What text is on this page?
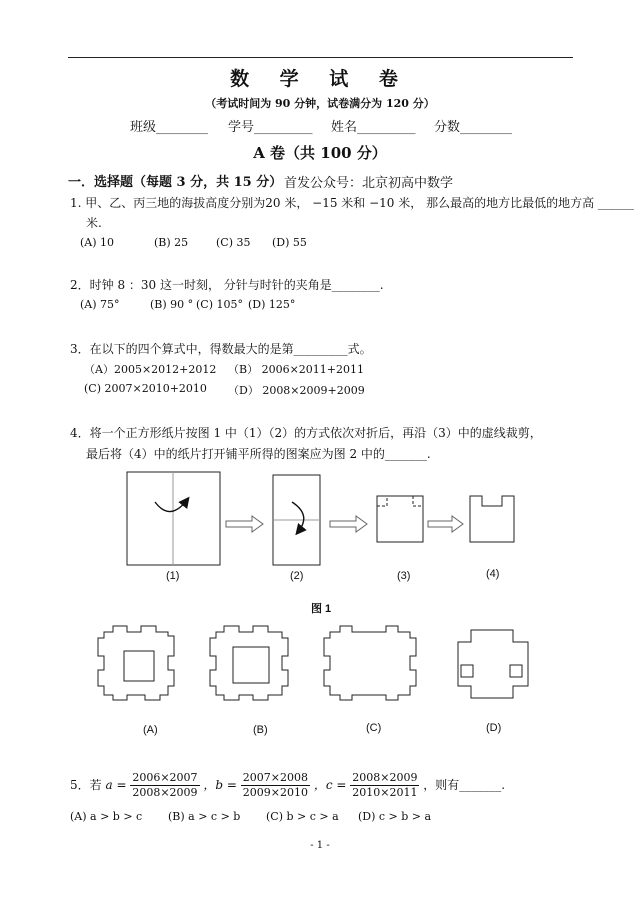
数 学 试 卷
（考试时间为 90 分钟，试卷满分为 120 分）
班级________ 学号_________ 姓名_________ 分数________
A 卷（共 100 分）
一．选择题（每题 3 分，共 15 分） 首发公众号：北京初高中数学
1. 甲、乙、丙三地的海拔高度分别为20 米， −15 米和 −10 米， 那么最高的地方比最低的地方高 ______
米.
(A) 10	(B) 25	(C) 35 (D) 55
2．时钟 8 ：30 这一时刻， 分针与时针的夹角是________.
(A) 75°	(B) 90 ° (C) 105° (D) 125°
3．在以下的四个算式中，得数最大的是第_________式。
（A）2005×2012+2012 （B） 2006×2011+2011
(C) 2007×2010+2010 （D） 2008×2009+2009
4．将一个正方形纸片按图 1 中（1）（2）的方式依次对折后，再沿（3）中的虚线裁剪，
最后将（4）中的纸片打开铺平所得的图案应为图 2 中的_______.
(1)	(2)	(3)	(4)
图 1
(A)	(B)	(C)	(D)
5．若 $a = \frac{2006\times 2007}{2008\times 2009}$ ，$b = \frac{2007\times 2008}{2009\times 2010}$ ，$c = \frac{2008\times 2009}{2010\times 2011}$ ，则有_______.
(A) a > b > c (B) a > c > b (C) b > c > a (D) c > b > a
- 1 -
